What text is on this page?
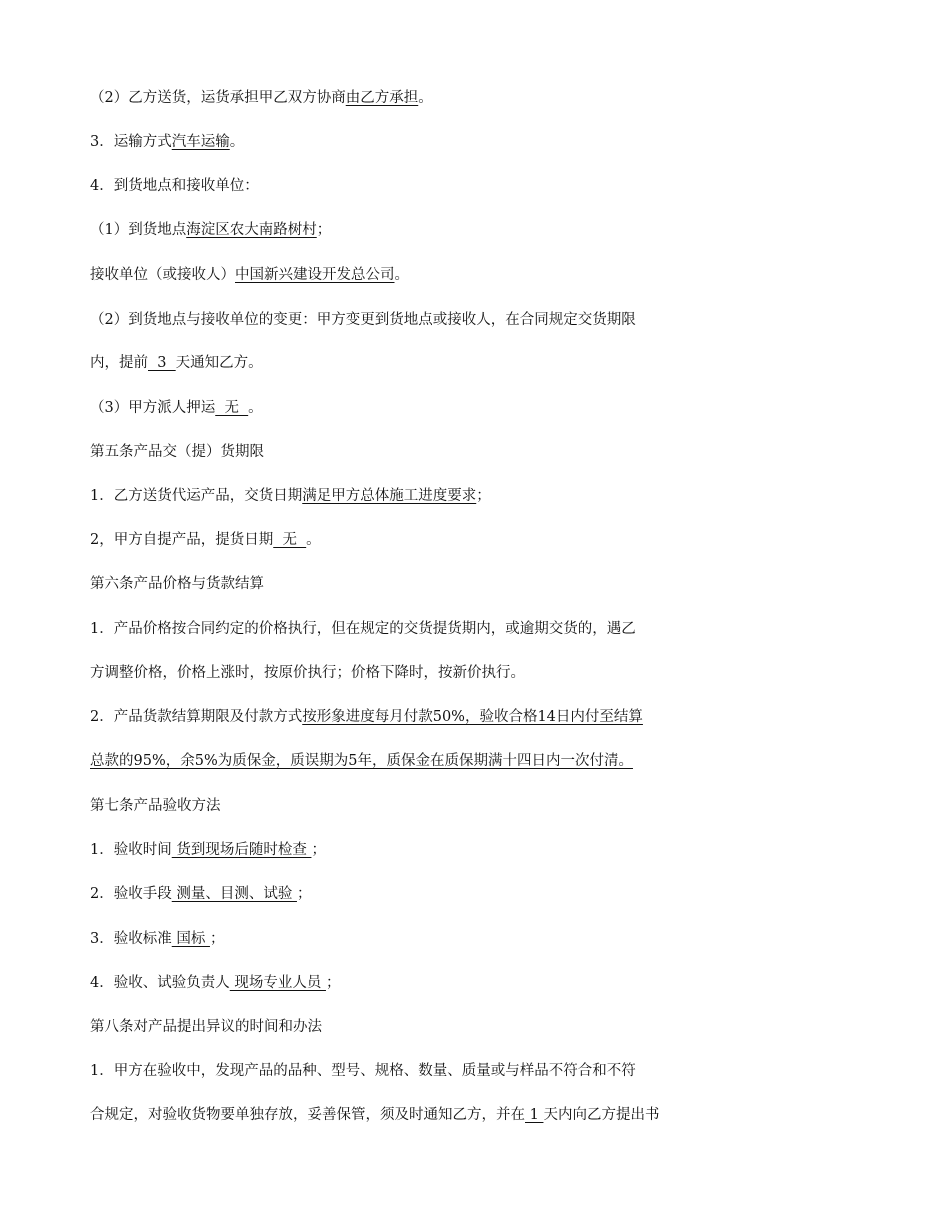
（2）乙方送货，运货承担甲乙双方协商由乙方承担。
3．运输方式汽车运输。
4．到货地点和接收单位：
（1）到货地点海淀区农大南路树村；
接收单位（或接收人）中国新兴建设开发总公司。
（2）到货地点与接收单位的变更：甲方变更到货地点或接收人，在合同规定交货期限
内，提前  3  天通知乙方。
（3）甲方派人押运  无  。
第五条产品交（提）货期限
1．乙方送货代运产品，交货日期满足甲方总体施工进度要求；
2，甲方自提产品，提货日期  无  。
第六条产品价格与货款结算
1．产品价格按合同约定的价格执行，但在规定的交货提货期内，或逾期交货的，遇乙
方调整价格，价格上涨时，按原价执行；价格下降时，按新价执行。
2．产品货款结算期限及付款方式按形象进度每月付款50%，验收合格14日内付至结算
总款的95%，余5%为质保金，质误期为5年，质保金在质保期满十四日内一次付清。
第七条产品验收方法
1．验收时间 货到现场后随时检查 ；
2．验收手段 测量、目测、试验 ；
3．验收标准 国标 ；
4．验收、试验负责人 现场专业人员 ；
第八条对产品提出异议的时间和办法
1．甲方在验收中，发现产品的品种、型号、规格、数量、质量或与样品不符合和不符
合规定，对验收货物要单独存放，妥善保管，须及时通知乙方，并在 1 天内向乙方提出书
